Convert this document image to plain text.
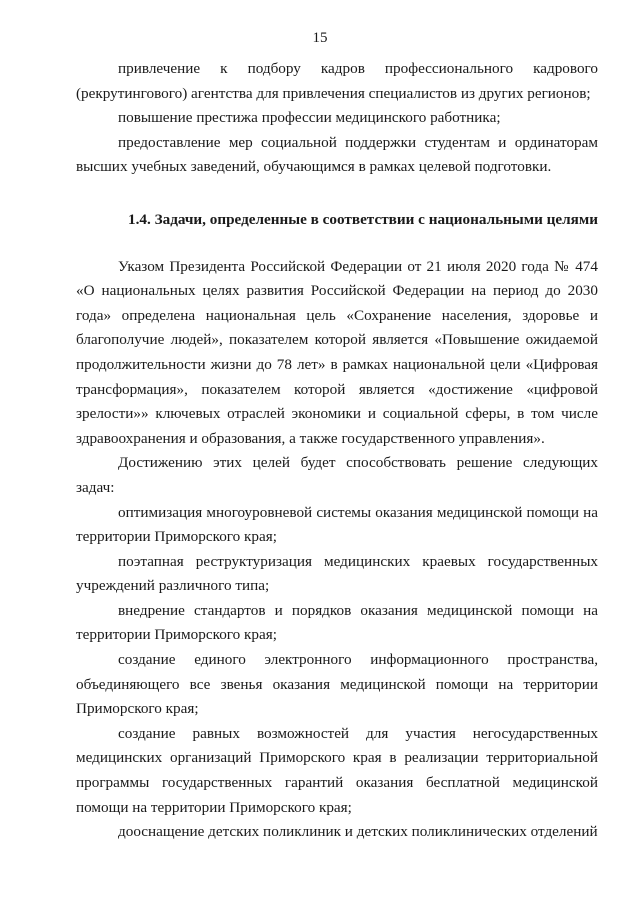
15

привлечение к подбору кадров профессионального кадрового (рекрутингового) агентства для привлечения специалистов из других регионов;

повышение престижа профессии медицинского работника;

предоставление мер социальной поддержки студентам и ординаторам высших учебных заведений, обучающимся в рамках целевой подготовки.

1.4. Задачи, определенные в соответствии с национальными целями

Указом Президента Российской Федерации от 21 июля 2020 года № 474 «О национальных целях развития Российской Федерации на период до 2030 года» определена национальная цель «Сохранение населения, здоровье и благополучие людей», показателем которой является «Повышение ожидаемой продолжительности жизни до 78 лет» в рамках национальной цели «Цифровая трансформация», показателем которой является «достижение «цифровой зрелости»» ключевых отраслей экономики и социальной сферы, в том числе здравоохранения и образования, а также государственного управления».

Достижению этих целей будет способствовать решение следующих задач:

оптимизация многоуровневой системы оказания медицинской помощи на территории Приморского края;

поэтапная реструктуризация медицинских краевых государственных учреждений различного типа;

внедрение стандартов и порядков оказания медицинской помощи на территории Приморского края;

создание единого электронного информационного пространства, объединяющего все звенья оказания медицинской помощи на территории Приморского края;

создание равных возможностей для участия негосударственных медицинских организаций Приморского края в реализации территориальной программы государственных гарантий оказания бесплатной медицинской помощи на территории Приморского края;

дооснащение детских поликлиник и детских поликлинических отделений
